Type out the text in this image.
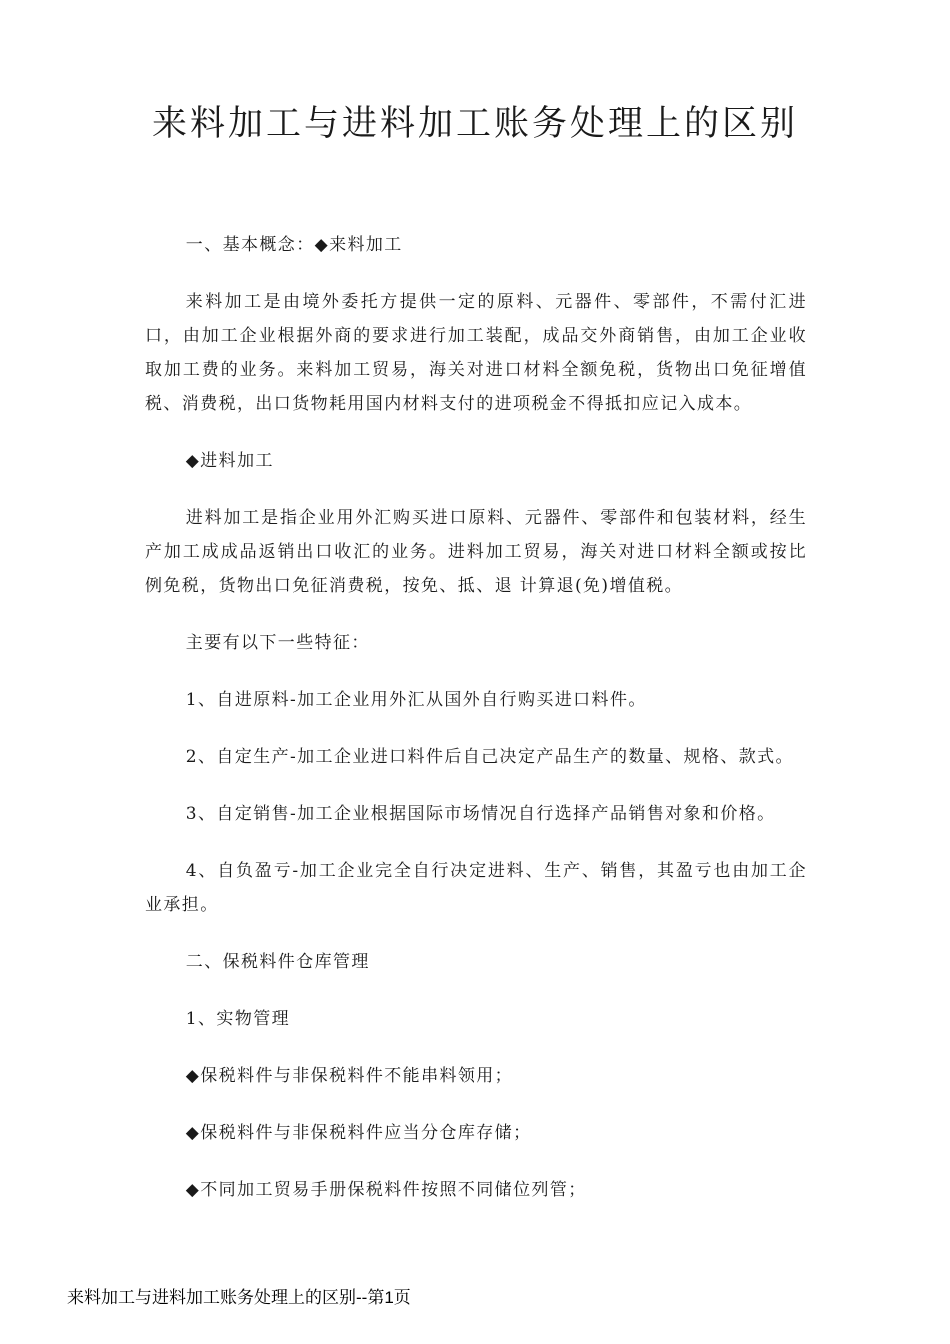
来料加工与进料加工账务处理上的区别

一、基本概念：◆来料加工

来料加工是由境外委托方提供一定的原料、元器件、零部件，不需付汇进口，由加工企业根据外商的要求进行加工装配，成品交外商销售，由加工企业收取加工费的业务。来料加工贸易，海关对进口材料全额免税，货物出口免征增值税、消费税，出口货物耗用国内材料支付的进项税金不得抵扣应记入成本。

◆进料加工

进料加工是指企业用外汇购买进口原料、元器件、零部件和包装材料，经生产加工成成品返销出口收汇的业务。进料加工贸易，海关对进口材料全额或按比例免税，货物出口免征消费税，按免、抵、退 计算退(免)增值税。

主要有以下一些特征：

1、自进原料-加工企业用外汇从国外自行购买进口料件。

2、自定生产-加工企业进口料件后自己决定产品生产的数量、规格、款式。

3、自定销售-加工企业根据国际市场情况自行选择产品销售对象和价格。

4、自负盈亏-加工企业完全自行决定进料、生产、销售，其盈亏也由加工企业承担。

二、保税料件仓库管理

1、实物管理

◆保税料件与非保税料件不能串料领用；

◆保税料件与非保税料件应当分仓库存储；

◆不同加工贸易手册保税料件按照不同储位列管；

来料加工与进料加工账务处理上的区别--第1页
